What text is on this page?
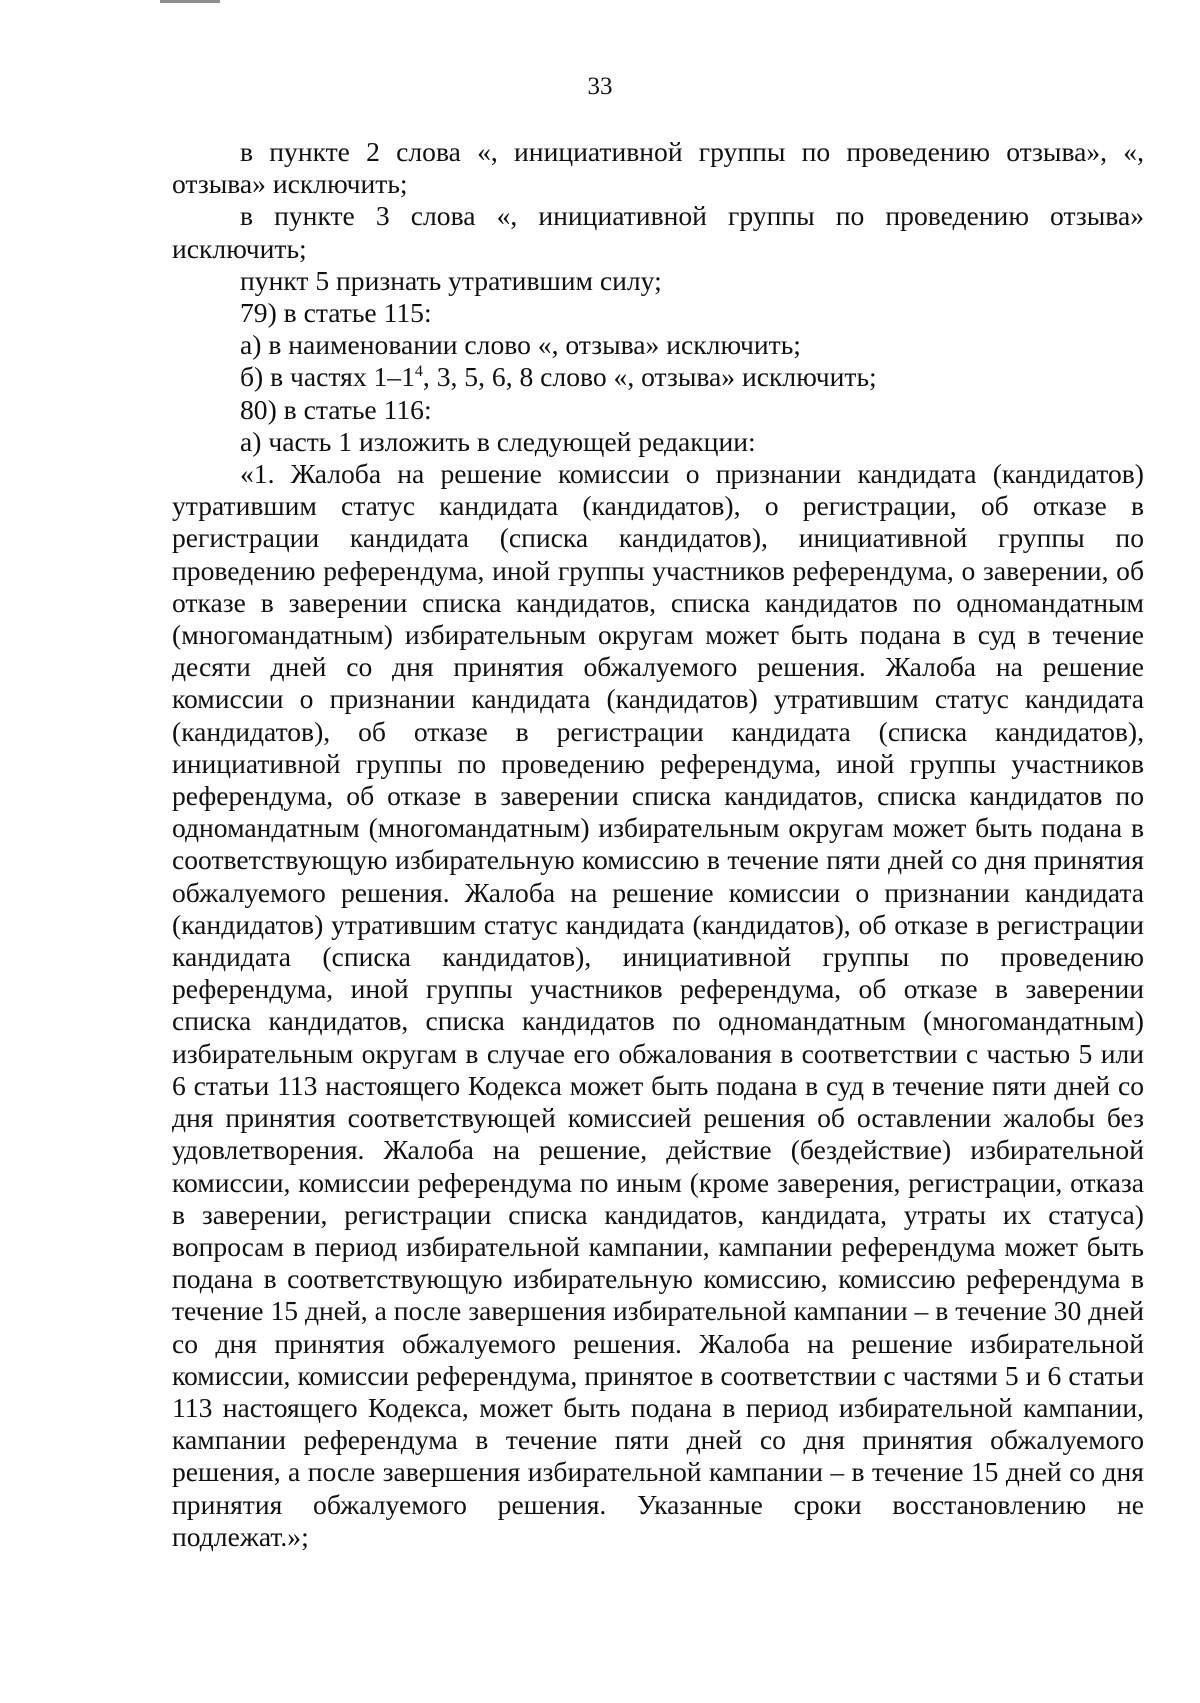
33

в пункте 2 слова «, инициативной группы по проведению отзыва», «, отзыва» исключить;

в пункте 3 слова «, инициативной группы по проведению отзыва» исключить;

пункт 5 признать утратившим силу;

79) в статье 115:

а) в наименовании слово «, отзыва» исключить;

б) в частях $1-1^4$, 3, 5, 6, 8 слово «, отзыва» исключить;

80) в статье 116:

а) часть 1 изложить в следующей редакции:

«1. Жалоба на решение комиссии о признании кандидата (кандидатов) утратившим статус кандидата (кандидатов), о регистрации, об отказе в регистрации кандидата (списка кандидатов), инициативной группы по проведению референдума, иной группы участников референдума, о заверении, об отказе в заверении списка кандидатов, списка кандидатов по одномандатным (многомандатным) избирательным округам может быть подана в суд в течение десяти дней со дня принятия обжалуемого решения. Жалоба на решение комиссии о признании кандидата (кандидатов) утратившим статус кандидата (кандидатов), об отказе в регистрации кандидата (списка кандидатов), инициативной группы по проведению референдума, иной группы участников референдума, об отказе в заверении списка кандидатов, списка кандидатов по одномандатным (многомандатным) избирательным округам может быть подана в соответствующую избирательную комиссию в течение пяти дней со дня принятия обжалуемого решения. Жалоба на решение комиссии о признании кандидата (кандидатов) утратившим статус кандидата (кандидатов), об отказе в регистрации кандидата (списка кандидатов), инициативной группы по проведению референдума, иной группы участников референдума, об отказе в заверении списка кандидатов, списка кандидатов по одномандатным (многомандатным) избирательным округам в случае его обжалования в соответствии с частью 5 или 6 статьи 113 настоящего Кодекса может быть подана в суд в течение пяти дней со дня принятия соответствующей комиссией решения об оставлении жалобы без удовлетворения. Жалоба на решение, действие (бездействие) избирательной комиссии, комиссии референдума по иным (кроме заверения, регистрации, отказа в заверении, регистрации списка кандидатов, кандидата, утраты их статуса) вопросам в период избирательной кампании, кампании референдума может быть подана в соответствующую избирательную комиссию, комиссию референдума в течение 15 дней, а после завершения избирательной кампании – в течение 30 дней со дня принятия обжалуемого решения. Жалоба на решение избирательной комиссии, комиссии референдума, принятое в соответствии с частями 5 и 6 статьи 113 настоящего Кодекса, может быть подана в период избирательной кампании, кампании референдума в течение пяти дней со дня принятия обжалуемого решения, а после завершения избирательной кампании – в течение 15 дней со дня принятия обжалуемого решения. Указанные сроки восстановлению не подлежат.»;
